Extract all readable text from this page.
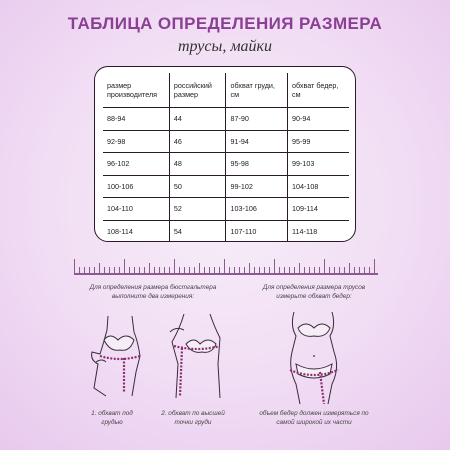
ТАБЛИЦА ОПРЕДЕЛЕНИЯ РАЗМЕРА
трусы, майки
размер производителя	российский размер	обхват груди, см	обхват бедер, см
88-94	44	87-90	90-94
92-98	46	91-94	95-99
96-102	48	95-98	99-103
100-106	50	99-102	104-108
104-110	52	103-106	109-114
108-114	54	107-110	114-118
Для определения размера бюстгальтера выполните два измерения:
Для определения размера трусов измерьте обхват бедер:
1. обхват под грудью
2. обхват по высшей точки груди
объем бедер должен измеряться по самой широкой их части
